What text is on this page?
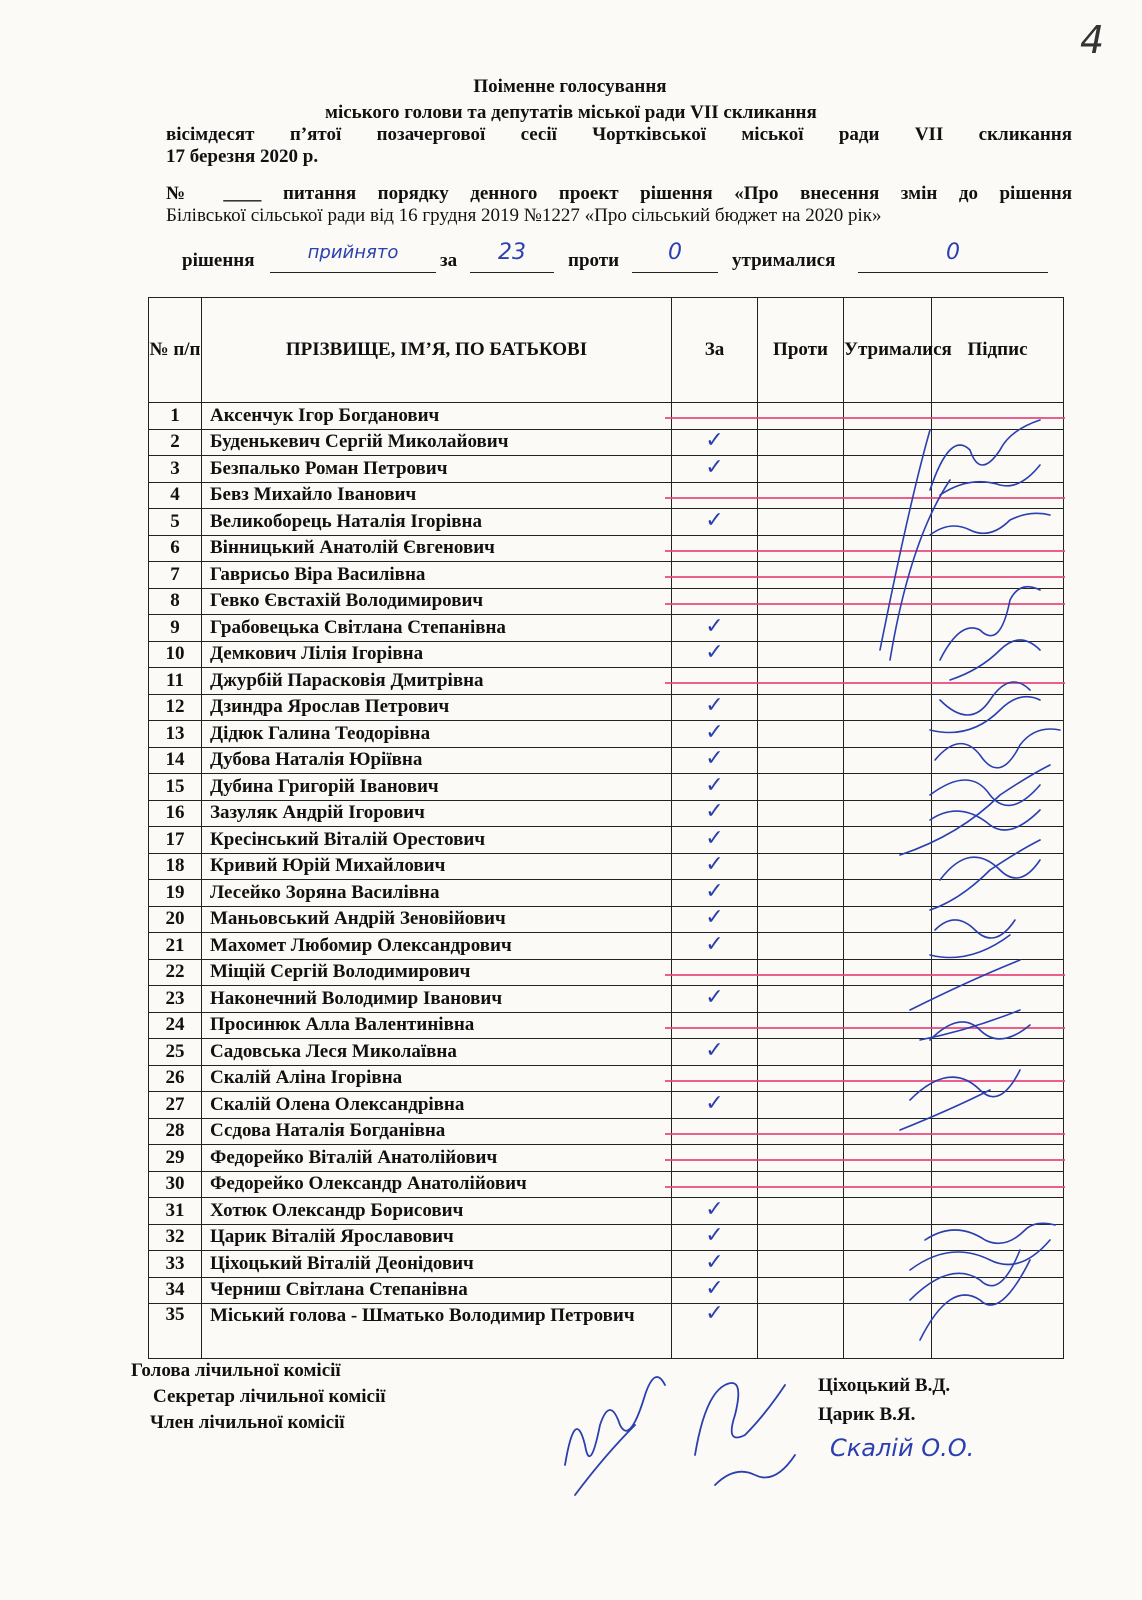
4
Поіменне голосування
міського голови та депутатів міської ради VII скликання
вісімдесят п’ятої позачергової сесії Чортківської міської ради VII скликання
17 березня 2020 р.
№ ____ питання порядку денного проект рішення «Про внесення змін до рішення
Білівської сільської ради від 16 грудня 2019 №1227 «Про сільський бюджет на 2020 рік»
рішення	прийнято	за	23	проти	0	утрималися	0
№ п/п	ПРІЗВИЩЕ, ІМ’Я, ПО БАТЬКОВІ	За	Проти	Утрималися	Підпис
1	Аксенчук Ігор Богданович				
2	Буденькевич Сергій Миколайович	✓			
3	Безпалько Роман Петрович	✓			
4	Бевз Михайло Іванович				
5	Великоборець Наталія Ігорівна	✓			
6	Вінницький Анатолій Євгенович				
7	Гаврисьо Віра Василівна				
8	Гевко Євстахій Володимирович				
9	Грабовецька Світлана Степанівна	✓			
10	Демкович Лілія Ігорівна	✓			
11	Джурбій Парасковія Дмитрівна				
12	Дзиндра Ярослав Петрович	✓			
13	Дідюк Галина Теодорівна	✓			
14	Дубова Наталія Юріївна	✓			
15	Дубина Григорій Іванович	✓			
16	Зазуляк Андрій Ігорович	✓			
17	Кресінський Віталій Орестович	✓			
18	Кривий Юрій Михайлович	✓			
19	Лесейко Зоряна Василівна	✓			
20	Маньовський Андрій Зеновійович	✓			
21	Махомет Любомир Олександрович	✓			
22	Міщій Сергій Володимирович				
23	Наконечний Володимир Іванович	✓			
24	Просинюк Алла Валентинівна				
25	Садовська Леся Миколаївна	✓			
26	Скалій Аліна Ігорівна				
27	Скалій Олена Олександрівна	✓			
28	Ссдова Наталія Богданівна				
29	Федорейко Віталій Анатолійович				
30	Федорейко Олександр Анатолійович				
31	Хотюк Олександр Борисович	✓			
32	Царик Віталій Ярославович	✓			
33	Ціхоцький Віталій Деонідович	✓			
34	Черниш Світлана Степанівна	✓			
35	Міський голова - Шматько Володимир Петрович	✓			
Голова лічильної комісії
Секретар лічильної комісії
Член лічильної комісії
Ціхоцький В.Д.
Царик В.Я.
Скалій О.О.
